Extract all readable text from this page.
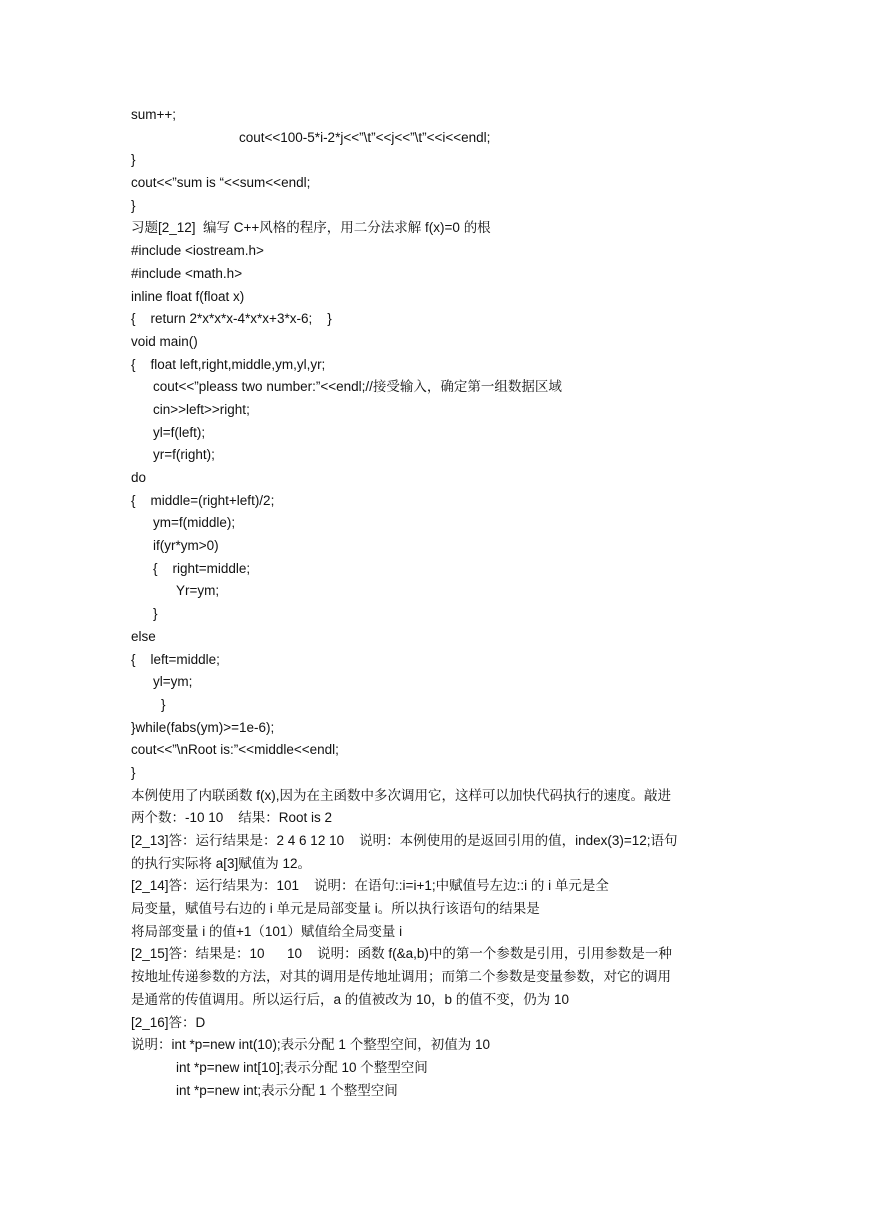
sum++;
cout<<100-5*i-2*j<<”\t”<<j<<”\t”<<i<<endl;
}
cout<<”sum is “<<sum<<endl;
}
习题[2_12]  编写 C++风格的程序，用二分法求解 f(x)=0 的根
#include <iostream.h>
#include <math.h>
inline float f(float x)
{    return 2*x*x*x-4*x*x+3*x-6;    }
void main()
{    float left,right,middle,ym,yl,yr;
cout<<”pleass two number:”<<endl;//接受输入，确定第一组数据区域
cin>>left>>right;
yl=f(left);
yr=f(right);
do
{    middle=(right+left)/2;
ym=f(middle);
if(yr*ym>0)
{    right=middle;
Yr=ym;
}
else
{    left=middle;
yl=ym;
}
}while(fabs(ym)>=1e-6);
cout<<”\nRoot is:”<<middle<<endl;
}
本例使用了内联函数 f(x),因为在主函数中多次调用它，这样可以加快代码执行的速度。敲进
两个数：-10 10    结果：Root is 2
[2_13]答：运行结果是：2 4 6 12 10    说明：本例使用的是返回引用的值，index(3)=12;语句
的执行实际将 a[3]赋值为 12。
[2_14]答：运行结果为：101    说明：在语句::i=i+1;中赋值号左边::i 的 i 单元是全
局变量，赋值号右边的 i 单元是局部变量 i。所以执行该语句的结果是
将局部变量 i 的值+1（101）赋值给全局变量 i
[2_15]答：结果是：10      10    说明：函数 f(&a,b)中的第一个参数是引用，引用参数是一种
按地址传递参数的方法，对其的调用是传地址调用；而第二个参数是变量参数，对它的调用
是通常的传值调用。所以运行后，a 的值被改为 10，b 的值不变，仍为 10
[2_16]答：D
说明：int *p=new int(10);表示分配 1 个整型空间，初值为 10
int *p=new int[10];表示分配 10 个整型空间
int *p=new int;表示分配 1 个整型空间
